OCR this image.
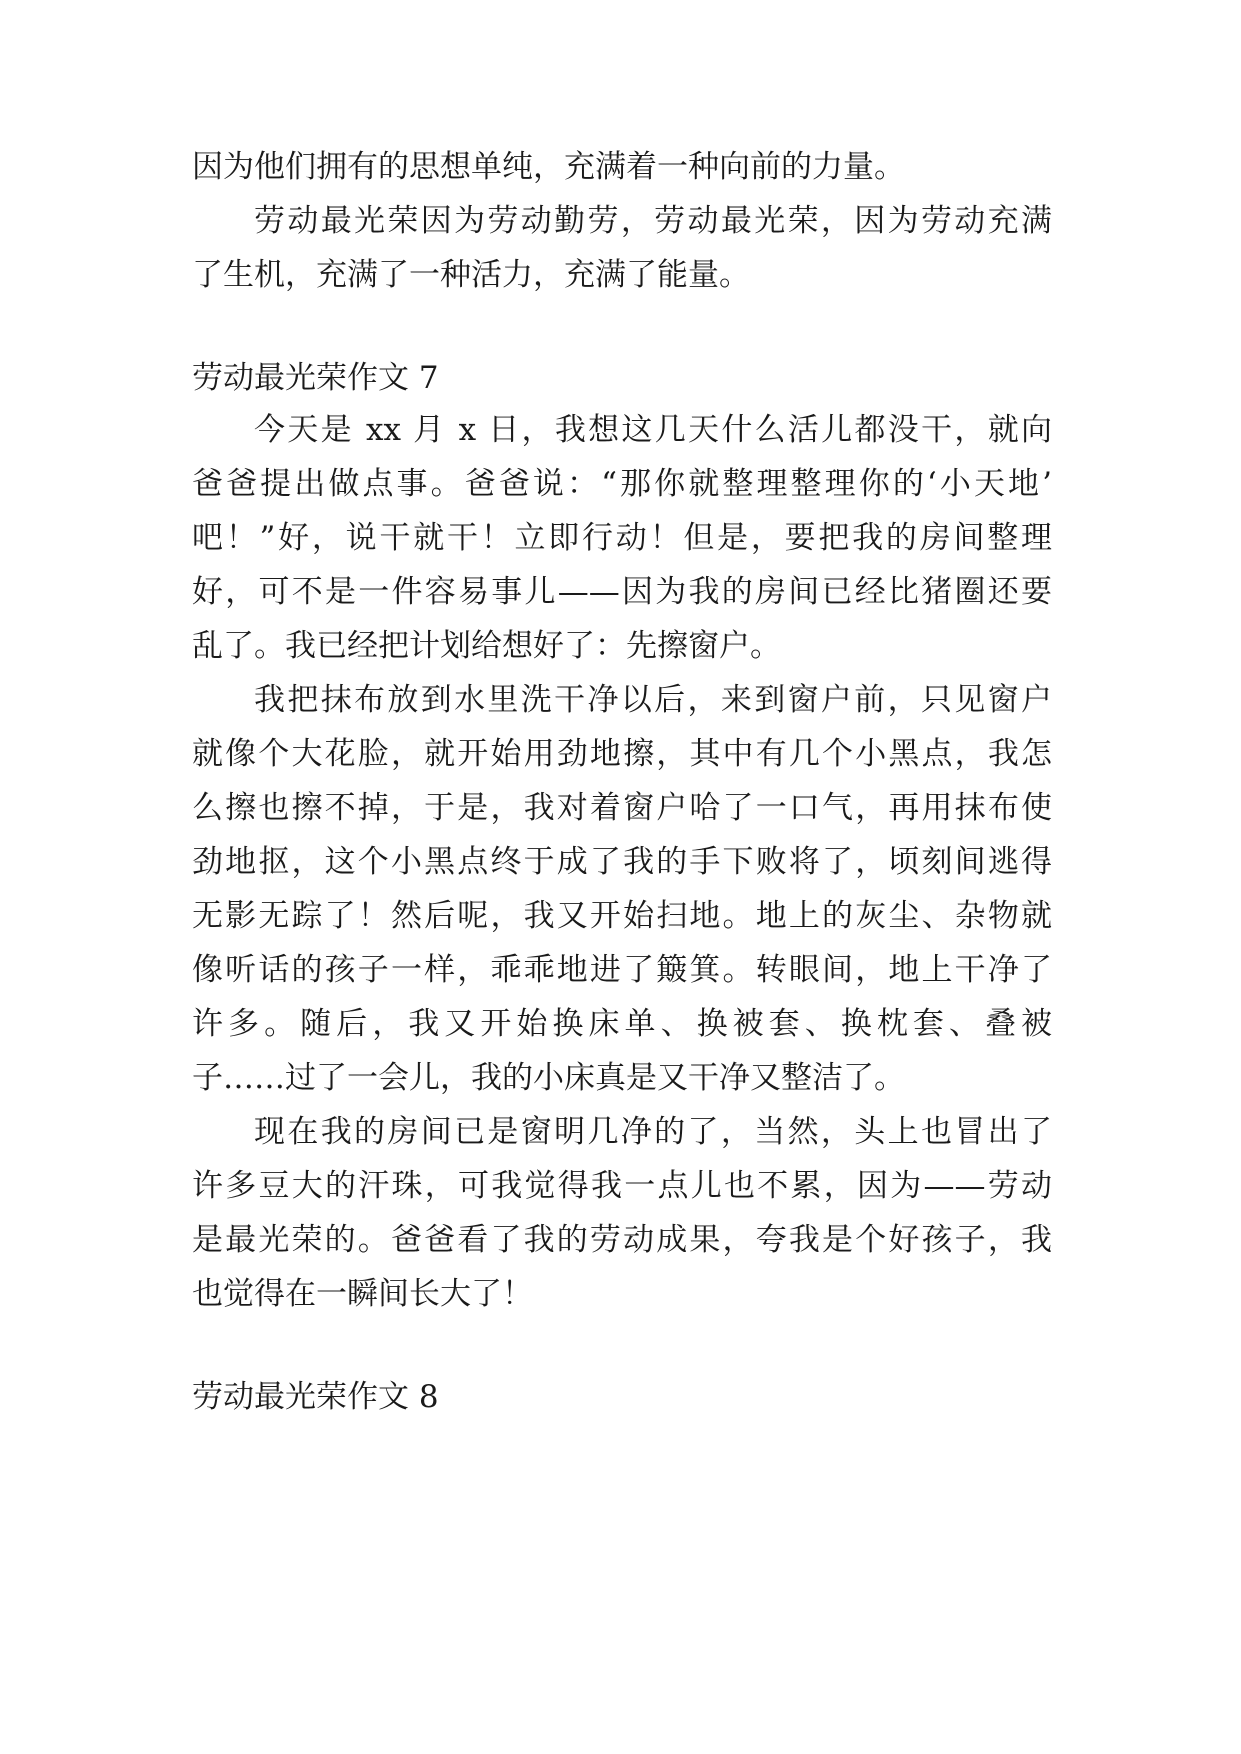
因为他们拥有的思想单纯，充满着一种向前的力量。
劳动最光荣因为劳动勤劳，劳动最光荣，因为劳动充满
了生机，充满了一种活力，充满了能量。
劳动最光荣作文 7
今天是 xx 月 x 日，我想这几天什么活儿都没干，就向
爸爸提出做点事。爸爸说：“那你就整理整理你的‘小天地’
吧！”好，说干就干！立即行动！但是，要把我的房间整理
好，可不是一件容易事儿——因为我的房间已经比猪圈还要
乱了。我已经把计划给想好了：先擦窗户。
我把抹布放到水里洗干净以后，来到窗户前，只见窗户
就像个大花脸，就开始用劲地擦，其中有几个小黑点，我怎
么擦也擦不掉，于是，我对着窗户哈了一口气，再用抹布使
劲地抠，这个小黑点终于成了我的手下败将了，顷刻间逃得
无影无踪了！然后呢，我又开始扫地。地上的灰尘、杂物就
像听话的孩子一样，乖乖地进了簸箕。转眼间，地上干净了
许多。随后，我又开始换床单、换被套、换枕套、叠被
子……过了一会儿，我的小床真是又干净又整洁了。
现在我的房间已是窗明几净的了，当然，头上也冒出了
许多豆大的汗珠，可我觉得我一点儿也不累，因为——劳动
是最光荣的。爸爸看了我的劳动成果，夸我是个好孩子，我
也觉得在一瞬间长大了！
劳动最光荣作文 8
